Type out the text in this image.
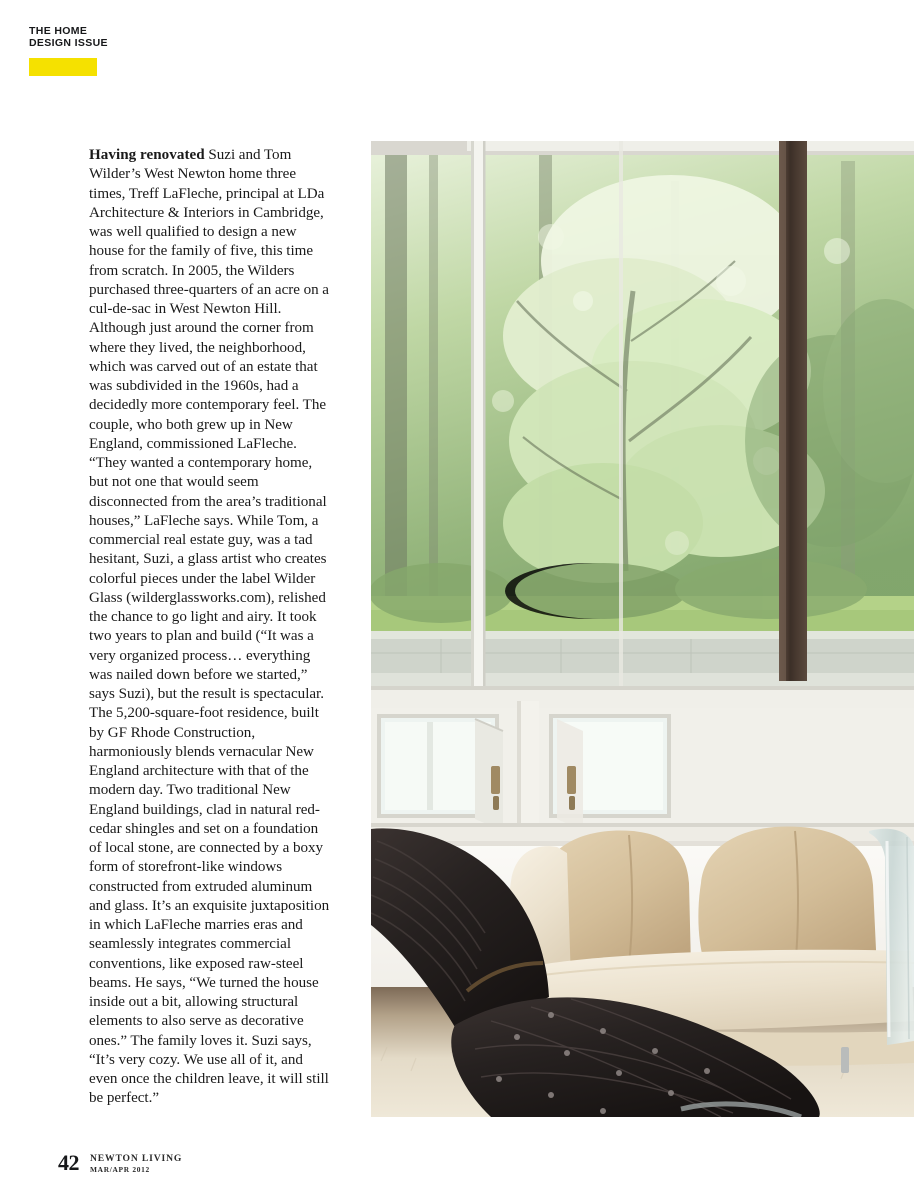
THE HOME
DESIGN ISSUE

Having renovated Suzi and Tom Wilder’s West Newton home three times, Treff LaFleche, principal at LDa Architecture & Interiors in Cambridge, was well qualified to design a new house for the family of five, this time from scratch. In 2005, the Wilders purchased three-quarters of an acre on a cul-de-sac in West Newton Hill. Although just around the corner from where they lived, the neighborhood, which was carved out of an estate that was subdivided in the 1960s, had a decidedly more contemporary feel. The couple, who both grew up in New England, commissioned LaFleche. “They wanted a contemporary home, but not one that would seem disconnected from the area’s traditional houses,” LaFleche says. While Tom, a commercial real estate guy, was a tad hesitant, Suzi, a glass artist who creates colorful pieces under the label Wilder Glass (wilderglassworks.com), relished the chance to go light and airy. It took two years to plan and build (“It was a very organized process… everything was nailed down before we started,” says Suzi), but the result is spectacular. The 5,200-square-foot residence, built by GF Rhode Construction, harmoniously blends vernacular New England architecture with that of the modern day. Two traditional New England buildings, clad in natural red-cedar shingles and set on a foundation of local stone, are connected by a boxy form of storefront-like windows constructed from extruded aluminum and glass. It’s an exquisite juxtaposition in which LaFleche marries eras and seamlessly integrates commercial conventions, like exposed raw-steel beams. He says, “We turned the house inside out a bit, allowing structural elements to also serve as decorative ones.” The family loves it. Suzi says, “It’s very cozy. We use all of it, and even once the children leave, it will still be perfect.”

42 NEWTON LIVING
MAR/APR 2012
